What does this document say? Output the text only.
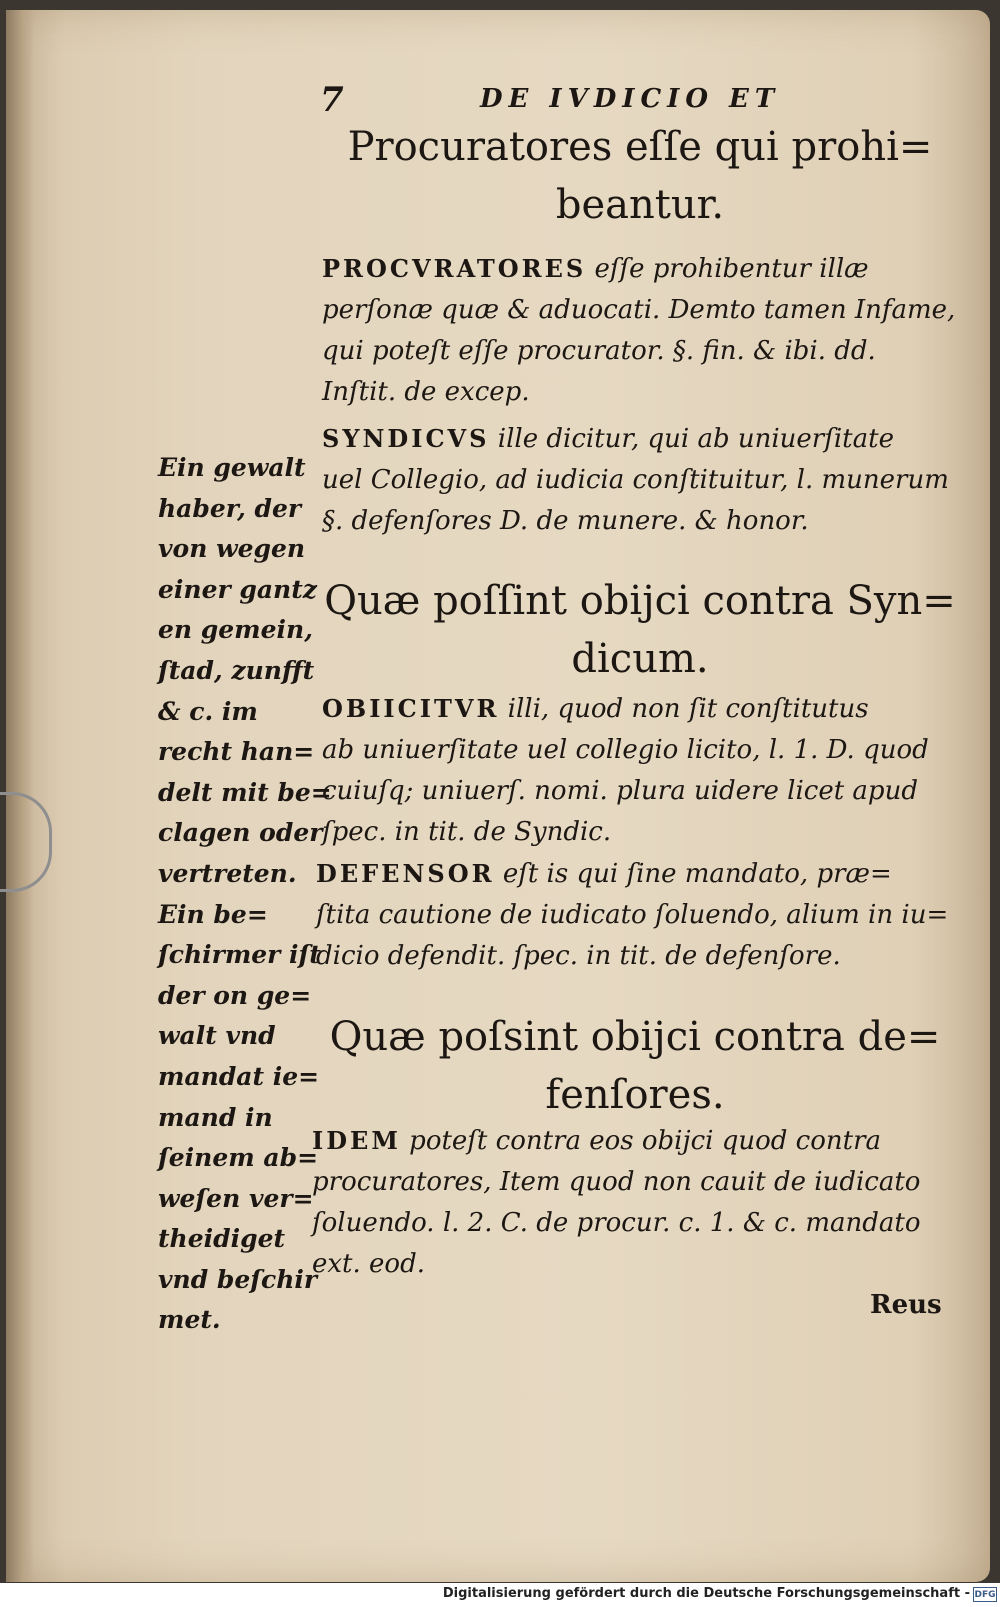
7	DE IVDICIO ET
Procuratores eſſe qui prohi=
beantur.
PROCVRATORES eſſe prohibentur illæ
perſonæ quæ & aduocati. Demto tamen Infame,
qui poteſt eſſe procurator. §. fin. & ibi. dd.
Inſtit. de excep.
SYNDICVS ille dicitur, qui ab uniuerſitate
uel Collegio, ad iudicia conſtituitur, l. munerum
§. defenſores D. de munere. & honor.
Quæ poſſint obijci contra Syn=
dicum.
OBIICITVR illi, quod non ſit conſtitutus
ab uniuerſitate uel collegio licito, l. 1. D. quod
cuiuſq; uniuerſ. nomi. plura uidere licet apud
ſpec. in tit. de Syndic.
DEFENSOR eſt is qui ſine mandato, præ=
ſtita cautione de iudicato ſoluendo, alium in iu=
dicio defendit. ſpec. in tit. de defenſore.
Quæ poſsint obijci contra de=
fenſores.
IDEM poteſt contra eos obijci quod contra
procuratores, Item quod non cauit de iudicato
ſoluendo. l. 2. C. de procur. c. 1. & c. mandato
ext. eod.
Ein gewalt
haber, der
von wegen
einer gantz
en gemein,
ſtad, zunfft
& c. im
recht han=
delt mit be=
clagen oder
vertreten.
Ein be=
ſchirmer iſt
der on ge=
walt vnd
mandat ie=
mand in
ſeinem ab=
weſen ver=
theidiget
vnd beſchir
met.	Reus
Digitalisierung gefördert durch die Deutsche Forschungsgemeinschaft - DFG
